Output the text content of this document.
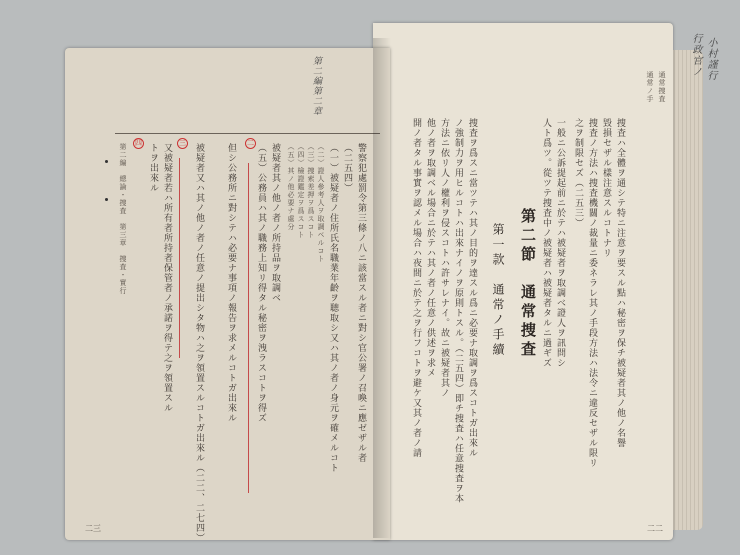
通常捜査
通常ノ手
行政官ノ 小村謹行
捜査ハ全體ヲ通シテ特ニ注意ヲ要スル點ハ秘密ヲ保チ被疑者其ノ他ノ名譽
毀損セザル樣注意スルコトナリ
捜査ノ方法ハ捜査機關ノ裁量ニ委ネラレ其ノ手段方法ハ法令ニ違反セザル限リ
之ヲ制限セズ（二五三）
一般ニ公訴提起前ニ於テハ被疑者ヲ取調べ證人ヲ訊問シ
人ト爲ツ。從ツテ捜査中ノ被疑者ハ被疑者タルニ過ギズ
第二節　通常捜査
第一款　通常ノ手續
捜査ヲ爲スニ當ツテハ其ノ目的ヲ達スル爲ニ必要ナ取調ヲ爲スコトガ出來ル
ノ強制力ヲ用ヒルコトハ出來ナイノヲ原則トスル。（二五四）即チ捜査ハ任意捜査ヲ本
方法ニ依リ人ノ權利ヲ侵スコトハ許サレナイ。故ニ被疑者其ノ
他ノ者ヲ取調ベル場合ニ於テハ其ノ者ノ任意ノ供述ヲ求メ
開ノ者タル事實ヲ認メル場合ハ夜間ニ於テ之ヲ行フコトヲ避ケ又其ノ者ノ請
二二
第二編第二章
二
三
四	警察犯處罰令第三條ノ八ニ該當スル者ニ對シ官公署ノ召喚ニ應ゼザル者
（二五四）
（一）被疑者ノ住所氏名職業年齡ヲ聴取シ又ハ其ノ者ノ身元ヲ確メルコト
（二）證人參考人ヲ取調ベルコト
（三）捜索差押ヲ爲スコト
（四）檢證鑑定ヲ爲スコト
（五）其ノ他必要ナ處分
被疑者其ノ他ノ者ノ所持品ヲ取調ベ
（五）公務員ハ其ノ職務上知リ得タル秘密ヲ洩ラスコトヲ得ズ
但シ公務所ニ對シテハ必要ナ事項ノ報告ヲ求メルコトガ出來ル
被疑者又ハ其ノ他ノ者ノ任意ノ提出シタ物ハ之ヲ領置スルコトガ出來ル（二二、二七四）
又被疑者若ハ所有者所持者保管者ノ承諾ヲ得テ之ヲ領置スル
トヲ出來ル
第二編　總論・捜査　第三章　捜査・實行
二三
